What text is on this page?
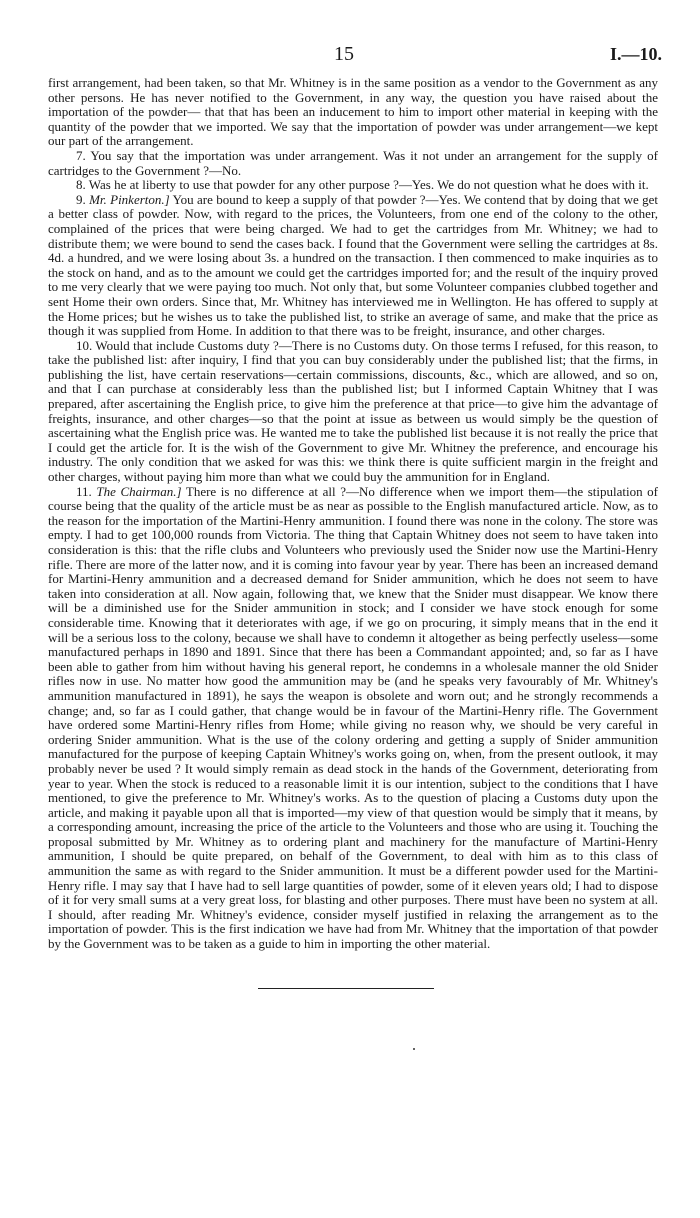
15	I.—10.

first arrangement, had been taken, so that Mr. Whitney is in the same position as a vendor to the Government as any other persons. He has never notified to the Government, in any way, the question you have raised about the importation of the powder— that that has been an inducement to him to import other material in keeping with the quantity of the powder that we imported. We say that the importation of powder was under arrangement—we kept our part of the arrangement.

7. You say that the importation was under arrangement. Was it not under an arrangement for the supply of cartridges to the Government ?—No.

8. Was he at liberty to use that powder for any other purpose ?—Yes. We do not question what he does with it.

9. Mr. Pinkerton.] You are bound to keep a supply of that powder ?—Yes. We contend that by doing that we get a better class of powder. Now, with regard to the prices, the Volunteers, from one end of the colony to the other, complained of the prices that were being charged. We had to get the cartridges from Mr. Whitney; we had to distribute them; we were bound to send the cases back. I found that the Government were selling the cartridges at 8s. 4d. a hundred, and we were losing about 3s. a hundred on the transaction. I then commenced to make inquiries as to the stock on hand, and as to the amount we could get the cartridges imported for; and the result of the inquiry proved to me very clearly that we were paying too much. Not only that, but some Volunteer companies clubbed together and sent Home their own orders. Since that, Mr. Whitney has interviewed me in Wellington. He has offered to supply at the Home prices; but he wishes us to take the published list, to strike an average of same, and make that the price as though it was supplied from Home. In addition to that there was to be freight, insurance, and other charges.

10. Would that include Customs duty ?—There is no Customs duty. On those terms I refused, for this reason, to take the published list: after inquiry, I find that you can buy considerably under the published list; that the firms, in publishing the list, have certain reservations—certain commissions, discounts, &c., which are allowed, and so on, and that I can purchase at considerably less than the published list; but I informed Captain Whitney that I was prepared, after ascertaining the English price, to give him the preference at that price—to give him the advantage of freights, insurance, and other charges—so that the point at issue as between us would simply be the question of ascertaining what the English price was. He wanted me to take the published list because it is not really the price that I could get the article for. It is the wish of the Government to give Mr. Whitney the preference, and encourage his industry. The only condition that we asked for was this: we think there is quite sufficient margin in the freight and other charges, without paying him more than what we could buy the ammunition for in England.

11. The Chairman.] There is no difference at all ?—No difference when we import them—the stipulation of course being that the quality of the article must be as near as possible to the English manufactured article. Now, as to the reason for the importation of the Martini-Henry ammunition. I found there was none in the colony. The store was empty. I had to get 100,000 rounds from Victoria. The thing that Captain Whitney does not seem to have taken into consideration is this: that the rifle clubs and Volunteers who previously used the Snider now use the Martini-Henry rifle. There are more of the latter now, and it is coming into favour year by year. There has been an increased demand for Martini-Henry ammunition and a decreased demand for Snider ammunition, which he does not seem to have taken into consideration at all. Now again, following that, we knew that the Snider must disappear. We know there will be a diminished use for the Snider ammunition in stock; and I consider we have stock enough for some considerable time. Knowing that it deteriorates with age, if we go on procuring, it simply means that in the end it will be a serious loss to the colony, because we shall have to condemn it altogether as being perfectly useless—some manufactured perhaps in 1890 and 1891. Since that there has been a Commandant appointed; and, so far as I have been able to gather from him without having his general report, he condemns in a wholesale manner the old Snider rifles now in use. No matter how good the ammunition may be (and he speaks very favourably of Mr. Whitney's ammunition manufactured in 1891), he says the weapon is obsolete and worn out; and he strongly recommends a change; and, so far as I could gather, that change would be in favour of the Martini-Henry rifle. The Government have ordered some Martini-Henry rifles from Home; while giving no reason why, we should be very careful in ordering Snider ammunition. What is the use of the colony ordering and getting a supply of Snider ammunition manufactured for the purpose of keeping Captain Whitney's works going on, when, from the present outlook, it may probably never be used ? It would simply remain as dead stock in the hands of the Government, deteriorating from year to year. When the stock is reduced to a reasonable limit it is our intention, subject to the conditions that I have mentioned, to give the preference to Mr. Whitney's works. As to the question of placing a Customs duty upon the article, and making it payable upon all that is imported—my view of that question would be simply that it means, by a corresponding amount, increasing the price of the article to the Volunteers and those who are using it. Touching the proposal submitted by Mr. Whitney as to ordering plant and machinery for the manufacture of Martini-Henry ammunition, I should be quite prepared, on behalf of the Government, to deal with him as to this class of ammunition the same as with regard to the Snider ammunition. It must be a different powder used for the Martini-Henry rifle. I may say that I have had to sell large quantities of powder, some of it eleven years old; I had to dispose of it for very small sums at a very great loss, for blasting and other purposes. There must have been no system at all. I should, after reading Mr. Whitney's evidence, consider myself justified in relaxing the arrangement as to the importation of powder. This is the first indication we have had from Mr. Whitney that the importation of that powder by the Government was to be taken as a guide to him in importing the other material.
